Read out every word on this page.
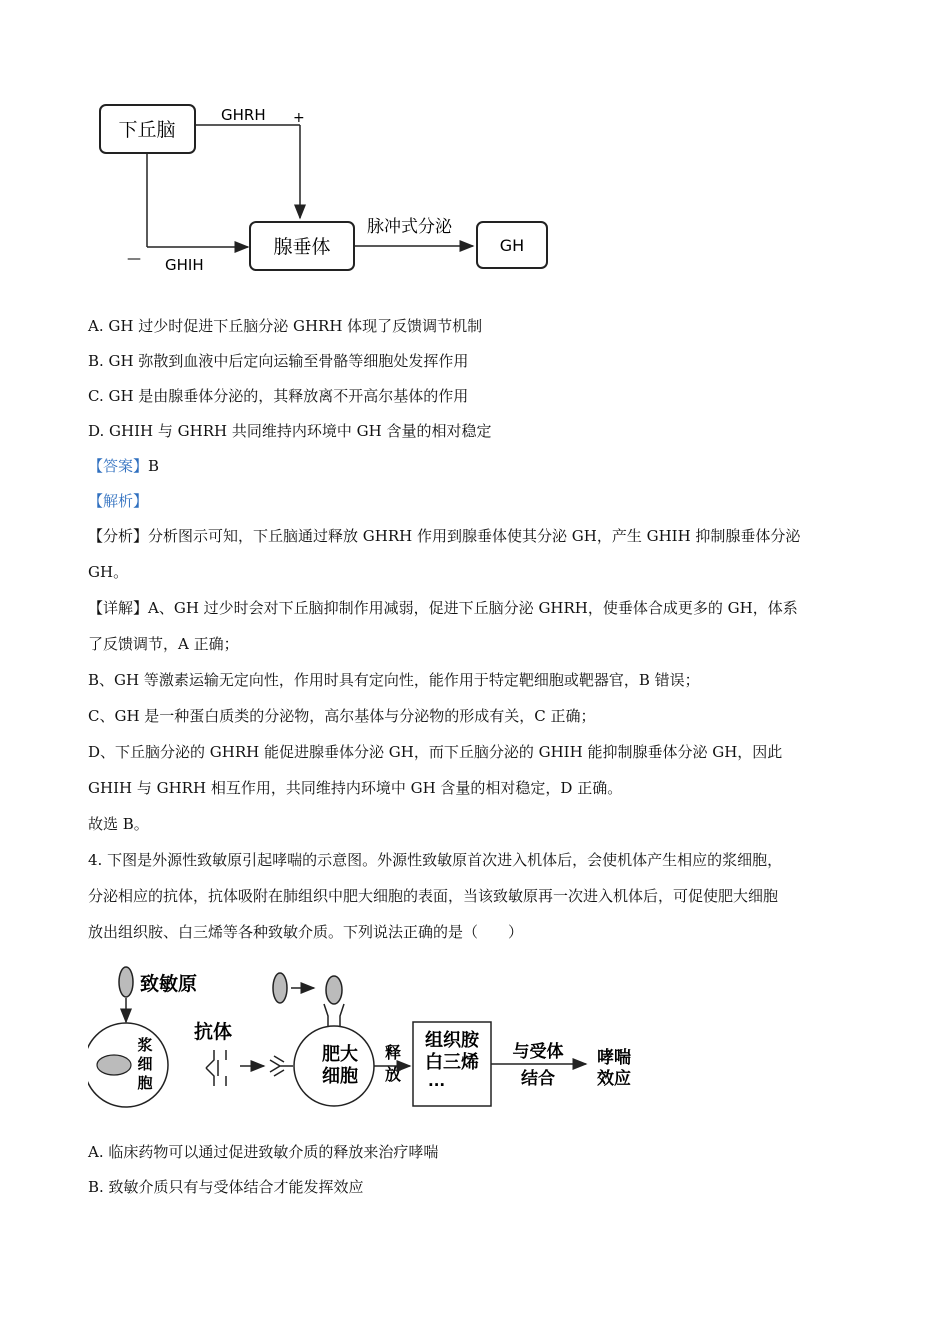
下丘脑
GHRH +
— GHIH
腺垂体
脉冲式分泌
GH
A. GH 过少时促进下丘脑分泌 GHRH 体现了反馈调节机制
B. GH 弥散到血液中后定向运输至骨骼等细胞处发挥作用
C. GH 是由腺垂体分泌的，其释放离不开高尔基体的作用
D. GHIH 与 GHRH 共同维持内环境中 GH 含量的相对稳定
【答案】B
【解析】
【分析】分析图示可知，下丘脑通过释放 GHRH 作用到腺垂体使其分泌 GH，产生 GHIH 抑制腺垂体分泌
GH。
【详解】A、GH 过少时会对下丘脑抑制作用减弱，促进下丘脑分泌 GHRH，使垂体合成更多的 GH，体系
了反馈调节，A 正确；
B、GH 等激素运输无定向性，作用时具有定向性，能作用于特定靶细胞或靶器官，B 错误；
C、GH 是一种蛋白质类的分泌物，高尔基体与分泌物的形成有关，C 正确；
D、下丘脑分泌的 GHRH 能促进腺垂体分泌 GH，而下丘脑分泌的 GHIH 能抑制腺垂体分泌 GH，因此
GHIH 与 GHRH 相互作用，共同维持内环境中 GH 含量的相对稳定，D 正确。
故选 B。
4. 下图是外源性致敏原引起哮喘的示意图。外源性致敏原首次进入机体后，会使机体产生相应的浆细胞，
分泌相应的抗体，抗体吸附在肺组织中肥大细胞的表面，当该致敏原再一次进入机体后，可促使肥大细胞
放出组织胺、白三烯等各种致敏介质。下列说法正确的是（　　）
致敏原
浆
细
胞
抗体
肥大
细胞
释
放
组织胺
白三烯
...
与受体
结合
哮喘
效应
A. 临床药物可以通过促进致敏介质的释放来治疗哮喘
B. 致敏介质只有与受体结合才能发挥效应
